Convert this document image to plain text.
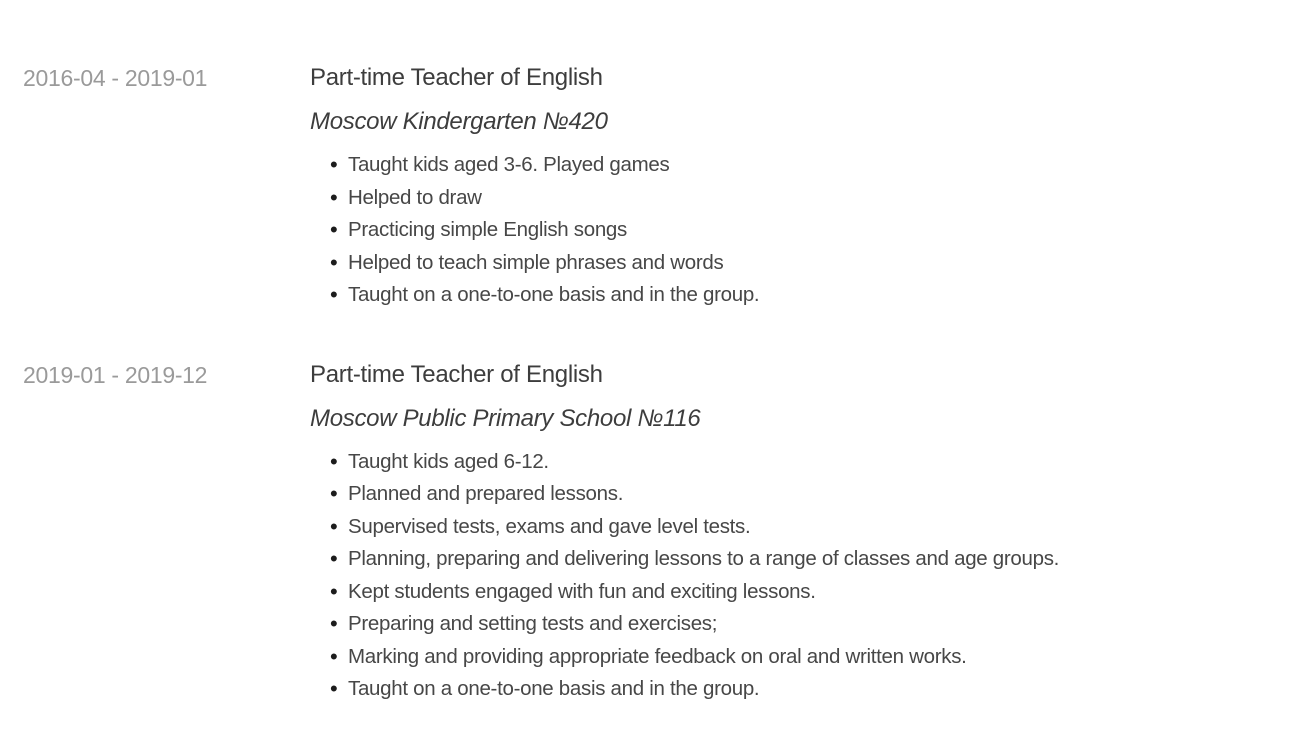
2016-04 - 2019-01	Part-time Teacher of English

Moscow Kindergarten №420

• Taught kids aged 3-6. Played games
• Helped to draw
• Practicing simple English songs
• Helped to teach simple phrases and words
• Taught on a one-to-one basis and in the group.
2019-01 - 2019-12	Part-time Teacher of English

Moscow Public Primary School №116

• Taught kids aged 6-12.
• Planned and prepared lessons.
• Supervised tests, exams and gave level tests.
• Planning, preparing and delivering lessons to a range of classes and age groups.
• Kept students engaged with fun and exciting lessons.
• Preparing and setting tests and exercises;
• Marking and providing appropriate feedback on oral and written works.
• Taught on a one-to-one basis and in the group.
